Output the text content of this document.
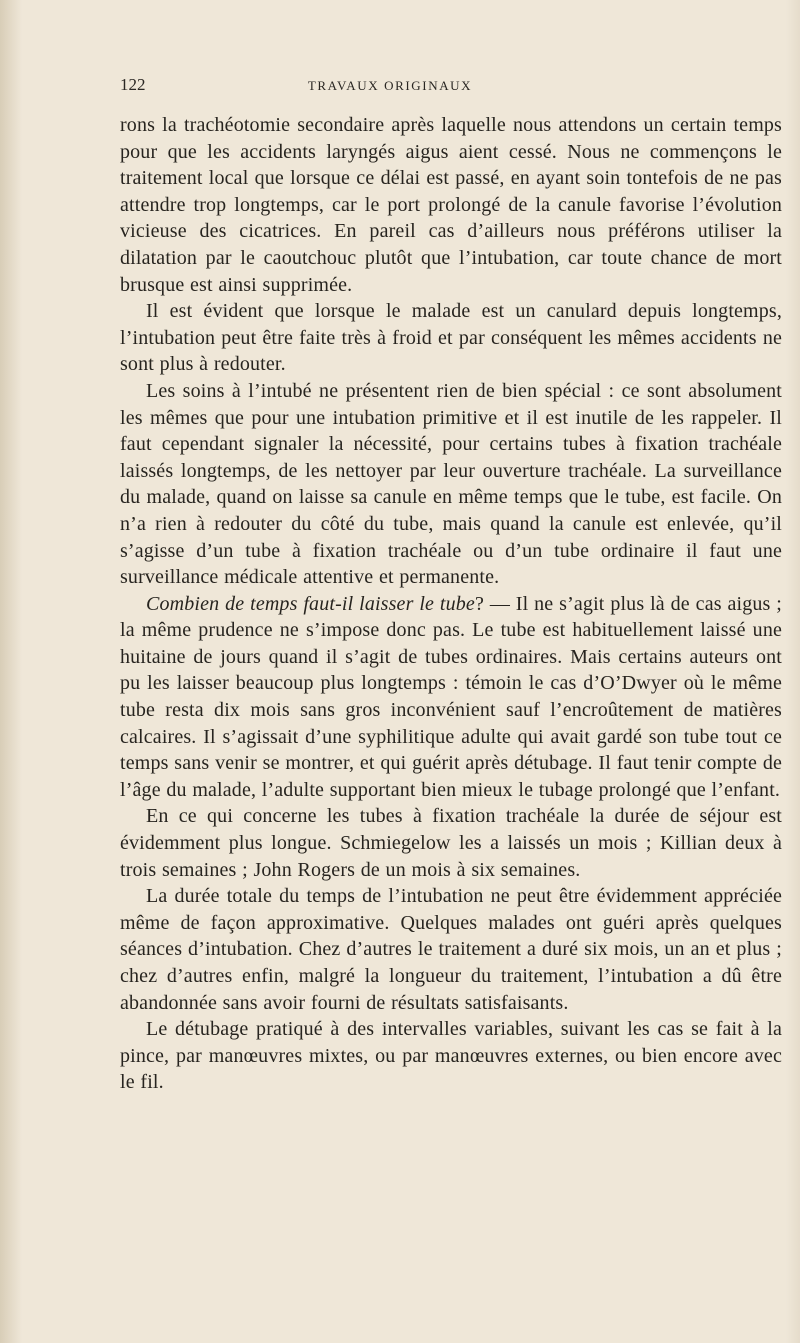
122	TRAVAUX ORIGINAUX

rons la trachéotomie secondaire après laquelle nous attendons un certain temps pour que les accidents laryngés aigus aient cessé. Nous ne commençons le traitement local que lorsque ce délai est passé, en ayant soin tontefois de ne pas attendre trop longtemps, car le port prolongé de la canule favorise l’évolution vicieuse des cicatrices. En pareil cas d’ailleurs nous préférons utiliser la dilatation par le caoutchouc plutôt que l’intubation, car toute chance de mort brusque est ainsi supprimée.

Il est évident que lorsque le malade est un canulard depuis longtemps, l’intubation peut être faite très à froid et par conséquent les mêmes accidents ne sont plus à redouter.

Les soins à l’intubé ne présentent rien de bien spécial : ce sont absolument les mêmes que pour une intubation primitive et il est inutile de les rappeler. Il faut cependant signaler la nécessité, pour certains tubes à fixation trachéale laissés longtemps, de les nettoyer par leur ouverture trachéale. La surveillance du malade, quand on laisse sa canule en même temps que le tube, est facile. On n’a rien à redouter du côté du tube, mais quand la canule est enlevée, qu’il s’agisse d’un tube à fixation trachéale ou d’un tube ordinaire il faut une surveillance médicale attentive et permanente.

Combien de temps faut-il laisser le tube? — Il ne s’agit plus là de cas aigus ; la même prudence ne s’impose donc pas. Le tube est habituellement laissé une huitaine de jours quand il s’agit de tubes ordinaires. Mais certains auteurs ont pu les laisser beaucoup plus longtemps : témoin le cas d’O’Dwyer où le même tube resta dix mois sans gros inconvénient sauf l’encroûtement de matières calcaires. Il s’agissait d’une syphilitique adulte qui avait gardé son tube tout ce temps sans venir se montrer, et qui guérit après détubage. Il faut tenir compte de l’âge du malade, l’adulte supportant bien mieux le tubage prolongé que l’enfant.

En ce qui concerne les tubes à fixation trachéale la durée de séjour est évidemment plus longue. Schmiegelow les a laissés un mois ; Killian deux à trois semaines ; John Rogers de un mois à six semaines.

La durée totale du temps de l’intubation ne peut être évidemment appréciée même de façon approximative. Quelques malades ont guéri après quelques séances d’intubation. Chez d’autres le traitement a duré six mois, un an et plus ; chez d’autres enfin, malgré la longueur du traitement, l’intubation a dû être abandonnée sans avoir fourni de résultats satisfaisants.

Le détubage pratiqué à des intervalles variables, suivant les cas se fait à la pince, par manœuvres mixtes, ou par manœuvres externes, ou bien encore avec le fil.
